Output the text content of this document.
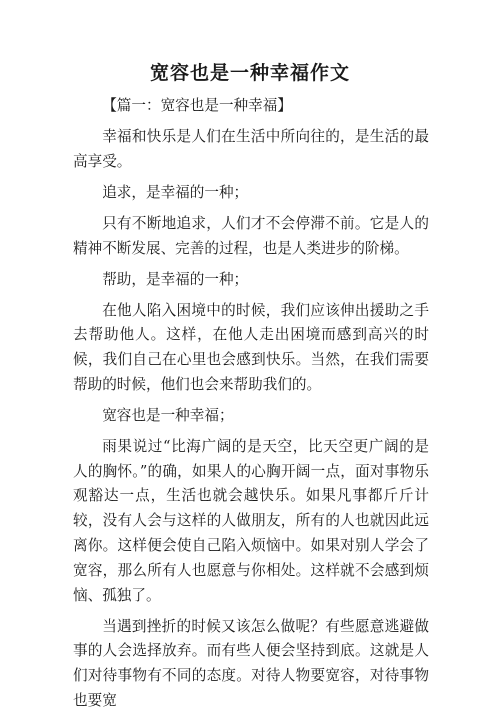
宽容也是一种幸福作文

【篇一：宽容也是一种幸福】

幸福和快乐是人们在生活中所向往的，是生活的最高享受。

追求，是幸福的一种；

只有不断地追求，人们才不会停滞不前。它是人的精神不断发展、完善的过程，也是人类进步的阶梯。

帮助，是幸福的一种；

在他人陷入困境中的时候，我们应该伸出援助之手去帮助他人。这样，在他人走出困境而感到高兴的时候，我们自己在心里也会感到快乐。当然，在我们需要帮助的时候，他们也会来帮助我们的。

宽容也是一种幸福；

雨果说过“比海广阔的是天空，比天空更广阔的是人的胸怀。”的确，如果人的心胸开阔一点，面对事物乐观豁达一点，生活也就会越快乐。如果凡事都斤斤计较，没有人会与这样的人做朋友，所有的人也就因此远离你。这样便会使自己陷入烦恼中。如果对别人学会了宽容，那么所有人也愿意与你相处。这样就不会感到烦恼、孤独了。

当遇到挫折的时候又该怎么做呢？有些愿意逃避做事的人会选择放弃。而有些人便会坚持到底。这就是人们对待事物有不同的态度。对待人物要宽容，对待事物也要宽
